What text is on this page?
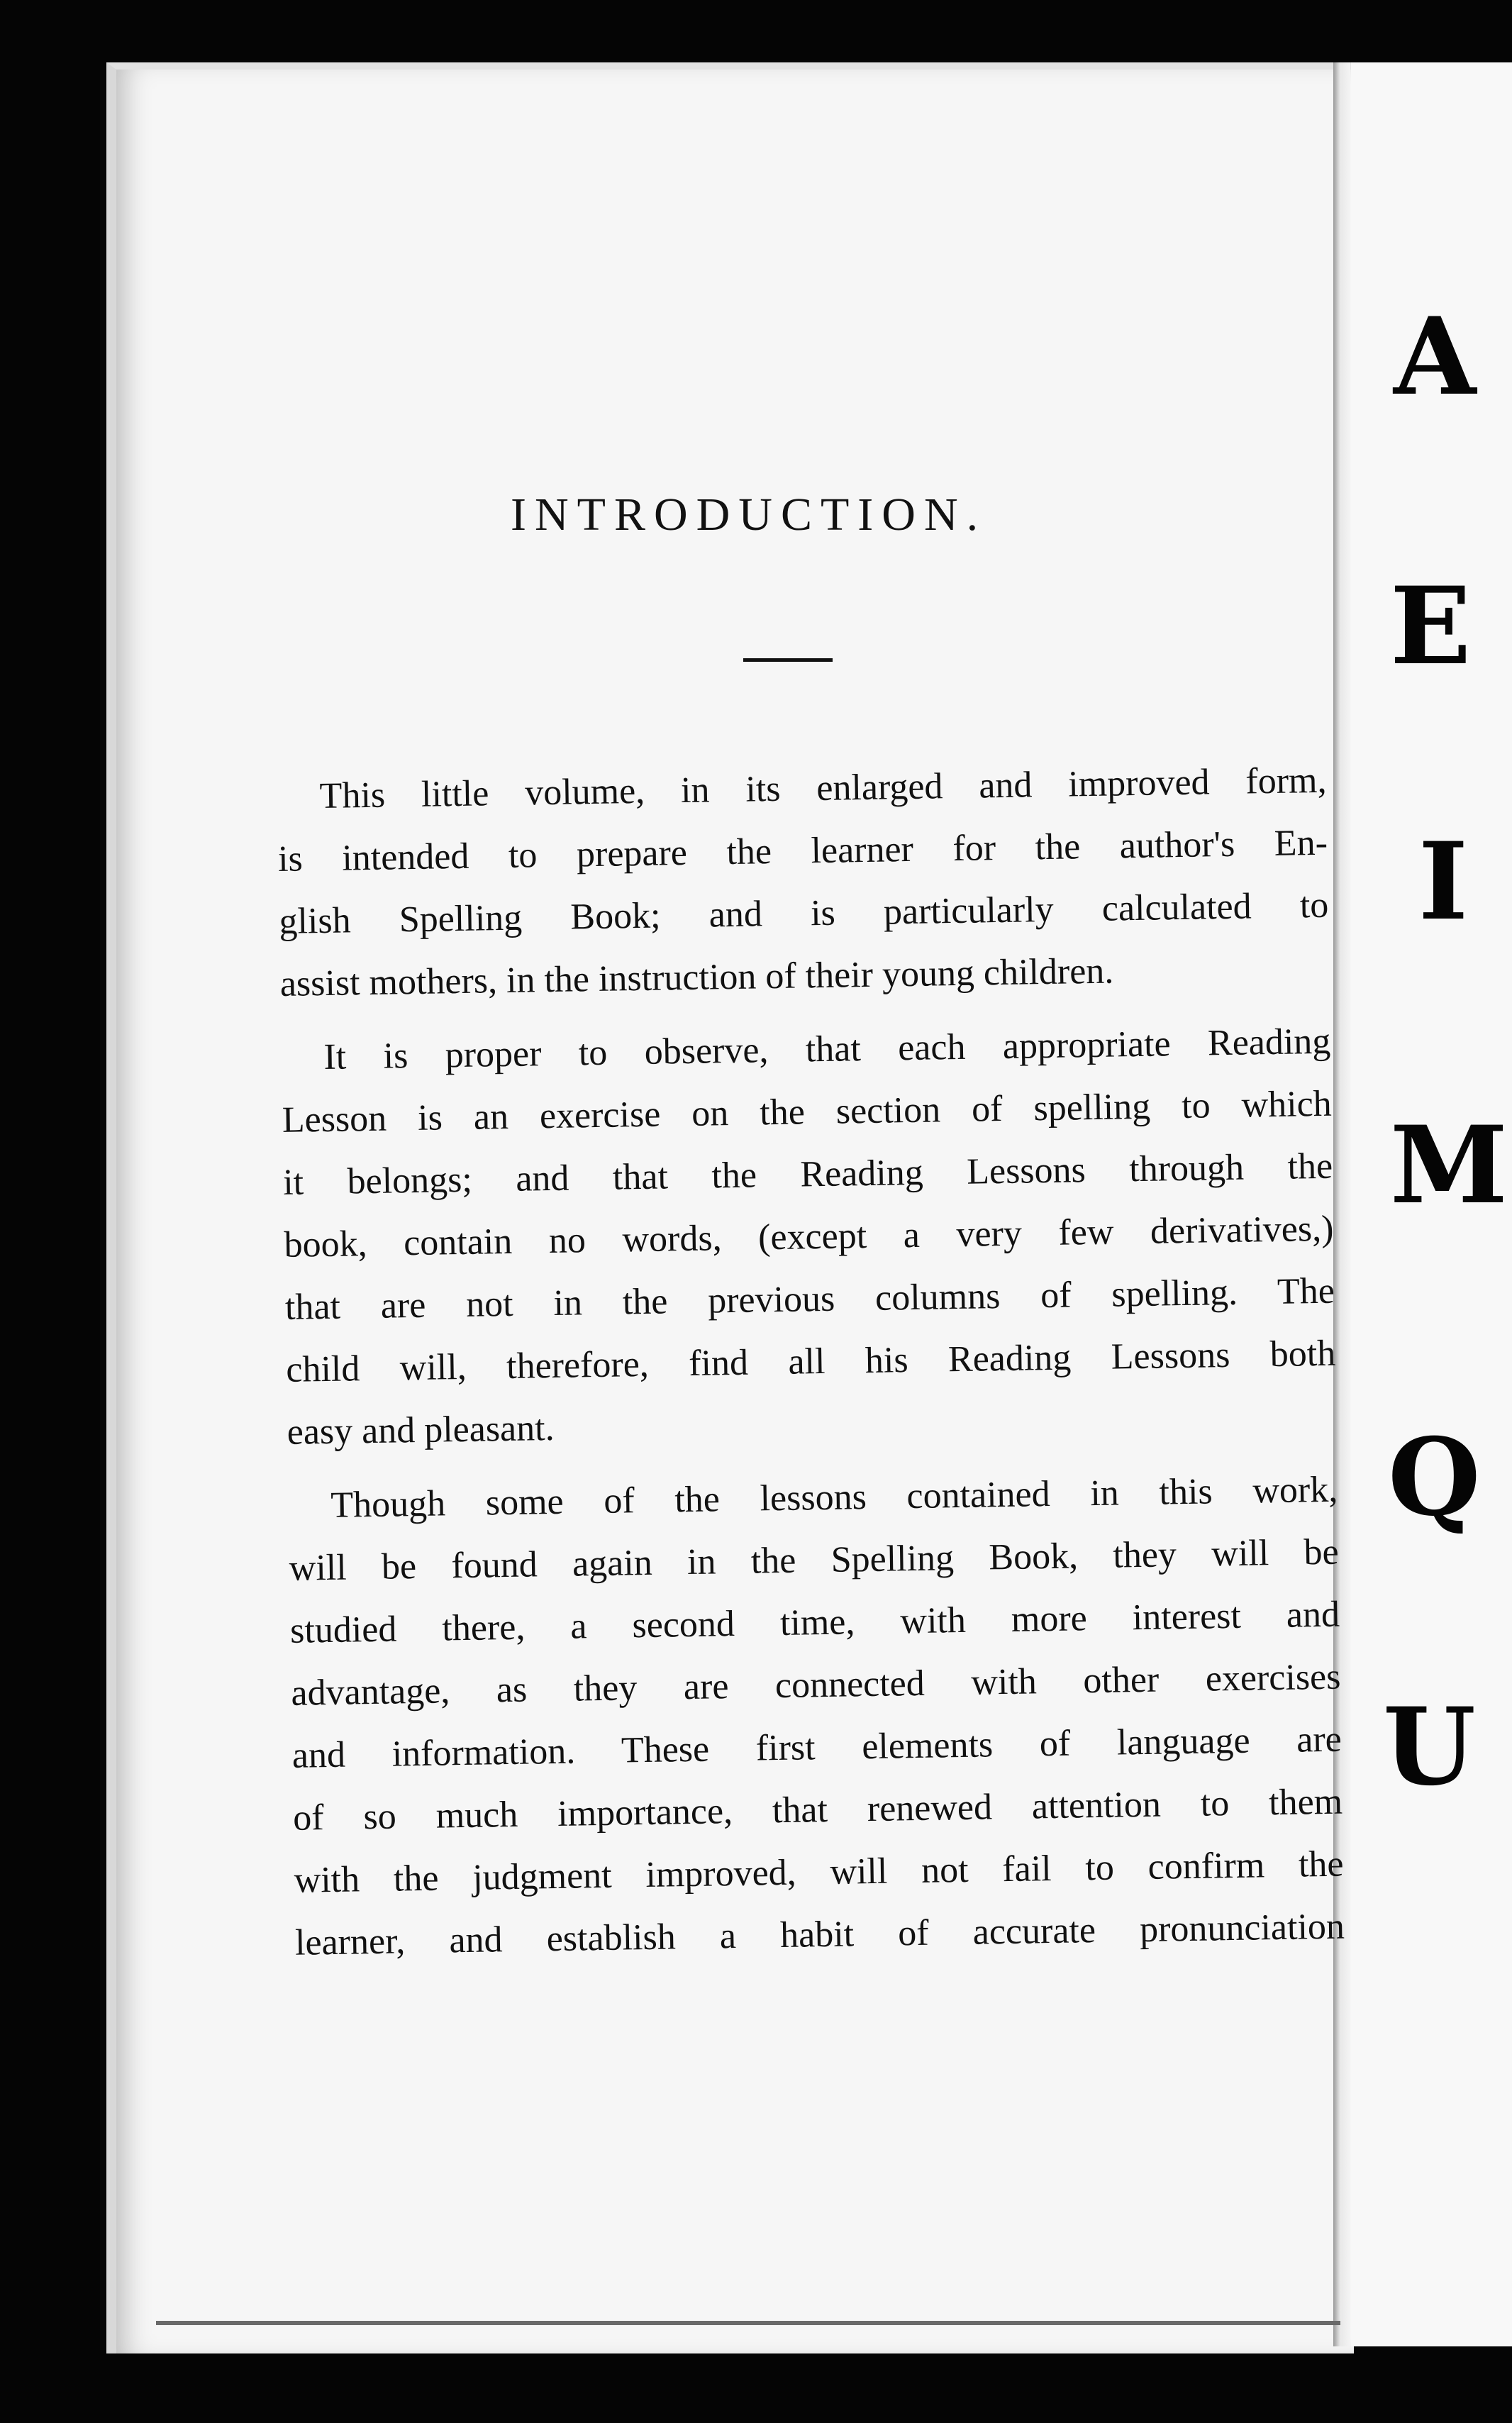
A
E
I
M
Q
U
INTRODUCTION.

This little volume, in its enlarged and improved form,
is intended to prepare the learner for the author's En-
glish Spelling Book; and is particularly calculated to
assist mothers, in the instruction of their young children.

It is proper to observe, that each appropriate Reading
Lesson is an exercise on the section of spelling to which
it belongs; and that the Reading Lessons through the
book, contain no words, (except a very few derivatives,)
that are not in the previous columns of spelling. The
child will, therefore, find all his Reading Lessons both
easy and pleasant.

Though some of the lessons contained in this work,
will be found again in the Spelling Book, they will be
studied there, a second time, with more interest and
advantage, as they are connected with other exercises
and information. These first elements of language are
of so much importance, that renewed attention to them
with the judgment improved, will not fail to confirm the
learner, and establish a habit of accurate pronunciation
